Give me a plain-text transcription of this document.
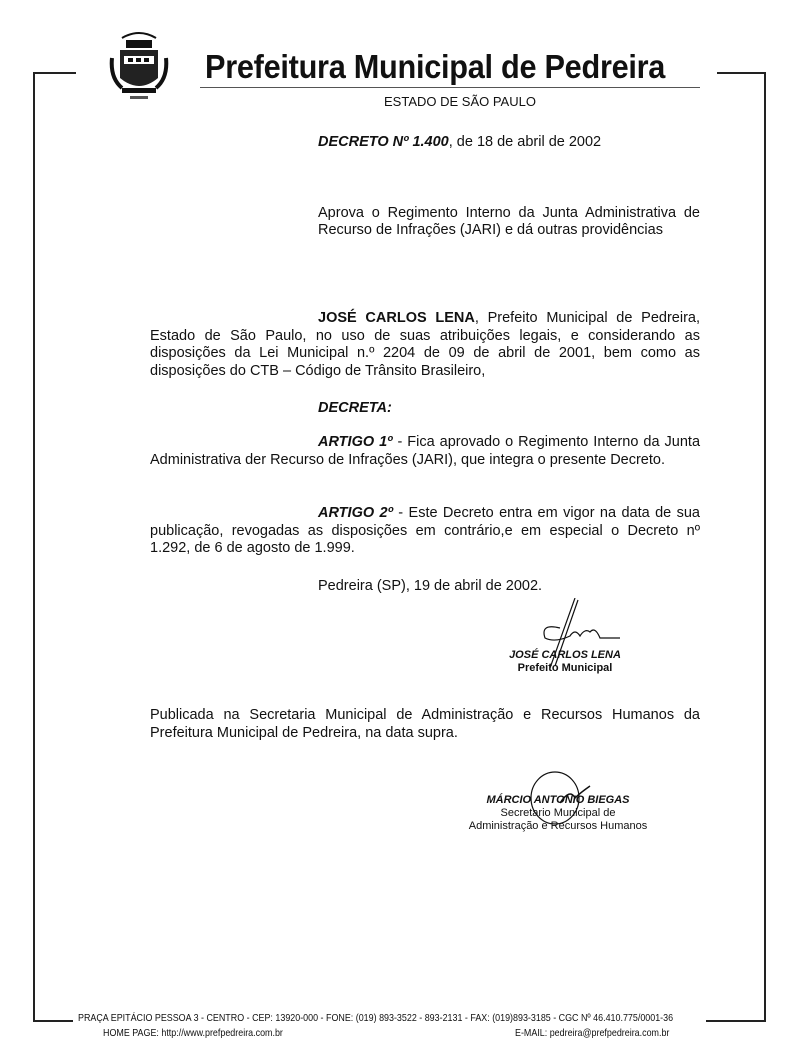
Prefeitura Municipal de Pedreira
ESTADO DE SÃO PAULO
DECRETO Nº 1.400, de 18 de abril de 2002
Aprova o Regimento Interno da Junta Administrativa de Recurso de Infrações (JARI) e dá outras providências
JOSÉ CARLOS LENA, Prefeito Municipal de Pedreira, Estado de São Paulo, no uso de suas atribuições legais, e considerando as disposições da Lei Municipal n.º 2204 de 09 de abril de 2001, bem como as disposições do CTB – Código de Trânsito Brasileiro,
DECRETA:
ARTIGO 1º - Fica aprovado o Regimento Interno da Junta Administrativa der Recurso de Infrações (JARI), que integra o presente Decreto.
ARTIGO 2º - Este Decreto entra em vigor na data de sua publicação, revogadas as disposições em contrário,e em especial o Decreto nº 1.292, de 6 de agosto de 1.999.
Pedreira (SP), 19 de abril de 2002.
JOSÉ CARLOS LENA
Prefeito Municipal
Publicada na Secretaria Municipal de Administração e Recursos Humanos da Prefeitura Municipal de Pedreira, na data supra.
MÁRCIO ANTONIO BIEGAS
Secretario Municipal de
Administração e Recursos Humanos
PRAÇA EPITÁCIO PESSOA 3 - CENTRO - CEP: 13920-000 - FONE: (019) 893-3522 - 893-2131 - FAX: (019)893-3185 - CGC Nº 46.410.775/0001-36
HOME PAGE: http://www.prefpedreira.com.br	E-MAIL: pedreira@prefpedreira.com.br
